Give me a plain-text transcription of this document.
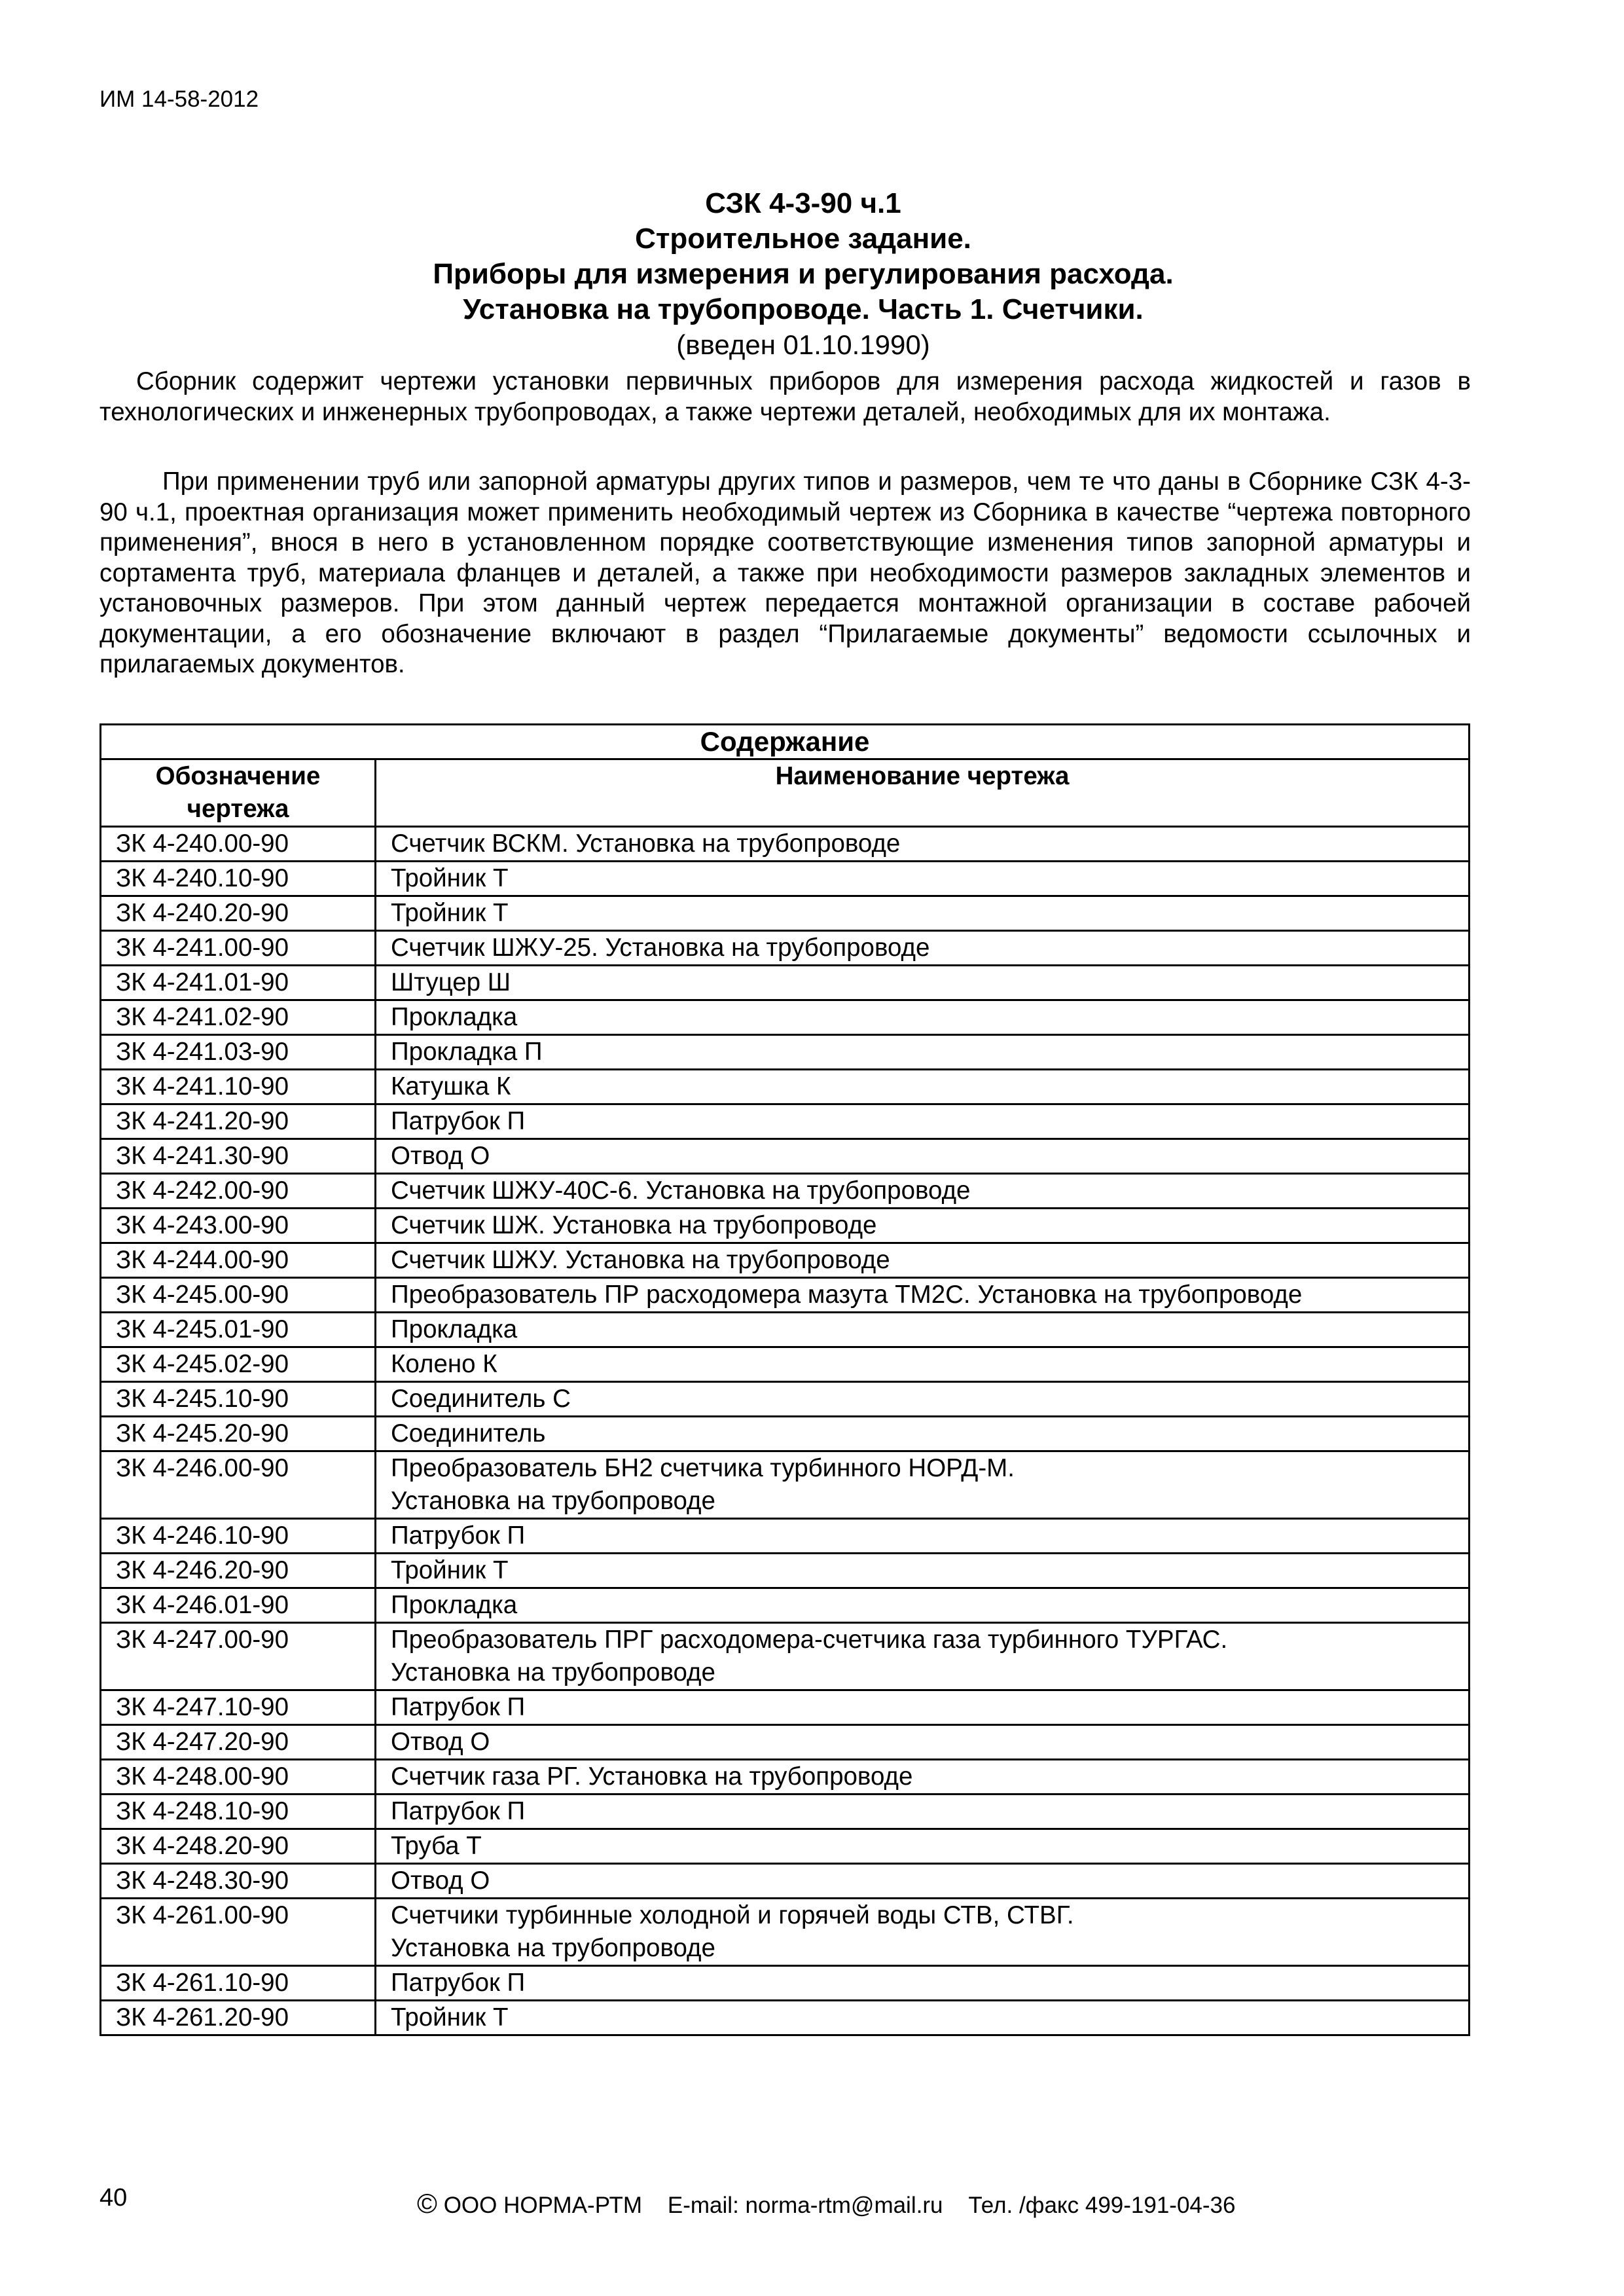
ИМ 14-58-2012
СЗК 4-3-90 ч.1
Строительное задание.
Приборы для измерения и регулирования расхода.
Установка на трубопроводе. Часть 1. Счетчики.
(введен 01.10.1990)
Сборник содержит чертежи установки первичных приборов для измерения расхода жидкостей и газов в технологических и инженерных трубопроводах, а также чертежи деталей, необходимых для их монтажа.
При применении труб или запорной арматуры других типов и размеров, чем те что даны в Сборнике СЗК 4-3-90 ч.1, проектная организация может применить необходимый чертеж из Сборника в качестве “чертежа повторного применения”, внося в него в установленном порядке соответствующие изменения типов запорной арматуры и сортамента труб, материала фланцев и деталей, а также при необходимости размеров закладных элементов и установочных размеров. При этом данный чертеж передается монтажной организации в составе рабочей документации, а его обозначение включают в раздел “Прилагаемые документы” ведомости ссылочных и прилагаемых документов.
Содержание	
Обозначение чертежа	Наименование чертежа
ЗК 4-240.00-90	Счетчик ВСКМ. Установка на трубопроводе
ЗК 4-240.10-90	Тройник Т
ЗК 4-240.20-90	Тройник Т
ЗК 4-241.00-90	Счетчик ШЖУ-25. Установка на трубопроводе
ЗК 4-241.01-90	Штуцер Ш
ЗК 4-241.02-90	Прокладка
ЗК 4-241.03-90	Прокладка П
ЗК 4-241.10-90	Катушка К
ЗК 4-241.20-90	Патрубок П
ЗК 4-241.30-90	Отвод О
ЗК 4-242.00-90	Счетчик ШЖУ-40С-6. Установка на трубопроводе
ЗК 4-243.00-90	Счетчик ШЖ. Установка на трубопроводе
ЗК 4-244.00-90	Счетчик ШЖУ. Установка на трубопроводе
ЗК 4-245.00-90	Преобразователь ПР расходомера мазута ТМ2С. Установка на трубопроводе
ЗК 4-245.01-90	Прокладка
ЗК 4-245.02-90	Колено К
ЗК 4-245.10-90	Соединитель С
ЗК 4-245.20-90	Соединитель
ЗК 4-246.00-90	Преобразователь БН2 счетчика турбинного НОРД-М.
Установка на трубопроводе
ЗК 4-246.10-90	Патрубок П
ЗК 4-246.20-90	Тройник Т
ЗК 4-246.01-90	Прокладка
ЗК 4-247.00-90	Преобразователь ПРГ расходомера-счетчика газа турбинного ТУРГАС.
Установка на трубопроводе
ЗК 4-247.10-90	Патрубок П
ЗК 4-247.20-90	Отвод О
ЗК 4-248.00-90	Счетчик газа РГ. Установка на трубопроводе
ЗК 4-248.10-90	Патрубок П
ЗК 4-248.20-90	Труба Т
ЗК 4-248.30-90	Отвод О
ЗК 4-261.00-90	Счетчики турбинные холодной и горячей воды СТВ, СТВГ.
Установка на трубопроводе
ЗК 4-261.10-90	Патрубок П
ЗК 4-261.20-90	Тройник Т
40	© ООО НОРМА-РТМ    E-mail: norma-rtm@mail.ru    Тел. /факс 499-191-04-36
